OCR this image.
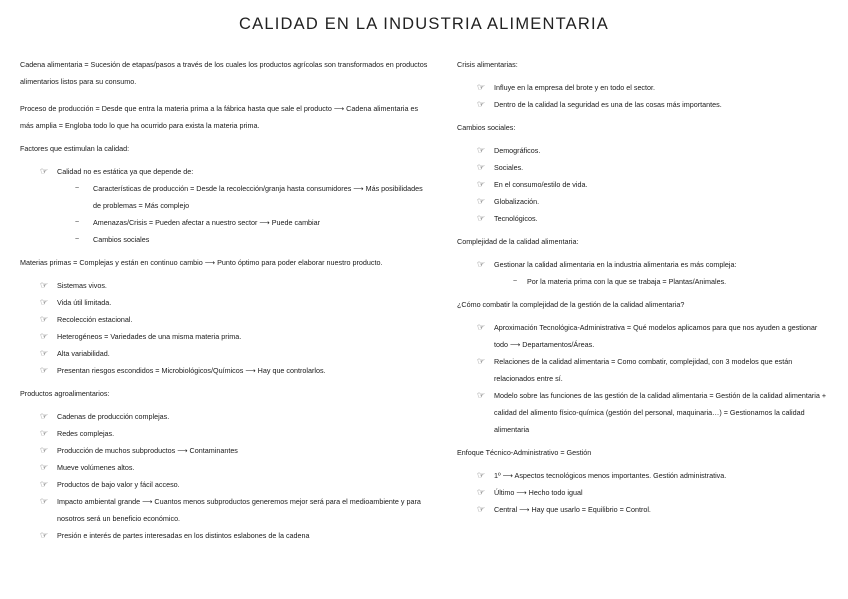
CALIDAD EN LA INDUSTRIA ALIMENTARIA

Cadena alimentaria = Sucesión de etapas/pasos a través de los cuales los productos agrícolas son transformados en productos alimentarios listos para su consumo.

Proceso de producción = Desde que entra la materia prima a la fábrica hasta que sale el producto ⟶ Cadena alimentaria es más amplia = Engloba todo lo que ha ocurrido para exista la materia prima.

Factores que estimulan la calidad:

☞ Calidad no es estática ya que depende de:
~	Características de producción = Desde la recolección/granja hasta consumidores ⟶ Más posibilidades de problemas = Más complejo
~	Amenazas/Crisis = Pueden afectar a nuestro sector ⟶ Puede cambiar
~	Cambios sociales

Materias primas = Complejas y están en continuo cambio ⟶ Punto óptimo para poder elaborar nuestro producto.

☞ Sistemas vivos.
☞ Vida útil limitada.
☞ Recolección estacional.
☞ Heterogéneos = Variedades de una misma materia prima.
☞ Alta variabilidad.
☞ Presentan riesgos escondidos = Microbiológicos/Químicos ⟶ Hay que controlarlos.

Productos agroalimentarios:

☞ Cadenas de producción complejas.
☞ Redes complejas.
☞ Producción de muchos subproductos ⟶ Contaminantes
☞ Mueve volúmenes altos.
☞ Productos de bajo valor y fácil acceso.
☞ Impacto ambiental grande ⟶ Cuantos menos subproductos generemos mejor será para el medioambiente y para nosotros será un beneficio económico.
☞ Presión e interés de partes interesadas en los distintos eslabones de la cadena

Crisis alimentarias:

☞ Influye en la empresa del brote y en todo el sector.
☞ Dentro de la calidad la seguridad es una de las cosas más importantes.

Cambios sociales:

☞ Demográficos.
☞ Sociales.
☞ En el consumo/estilo de vida.
☞ Globalización.
☞ Tecnológicos.

Complejidad de la calidad alimentaria:

☞ Gestionar la calidad alimentaria en la industria alimentaria es más compleja:
~	Por la materia prima con la que se trabaja = Plantas/Animales.

¿Cómo combatir la complejidad de la gestión de la calidad alimentaria?

☞ Aproximación Tecnológica-Administrativa = Qué modelos aplicamos para que nos ayuden a gestionar todo ⟶ Departamentos/Áreas.
☞ Relaciones de la calidad alimentaria = Como combatir, complejidad, con 3 modelos que están relacionados entre sí.
☞ Modelo sobre las funciones de las gestión de la calidad alimentaria = Gestión de la calidad alimentaria + calidad del alimento físico-química (gestión del personal, maquinaria…) = Gestionamos la calidad alimentaria

Enfoque Técnico-Administrativo = Gestión

☞ 1º ⟶ Aspectos tecnológicos menos importantes. Gestión administrativa.
☞ Último ⟶ Hecho todo igual
☞ Central ⟶ Hay que usarlo = Equilibrio = Control.
